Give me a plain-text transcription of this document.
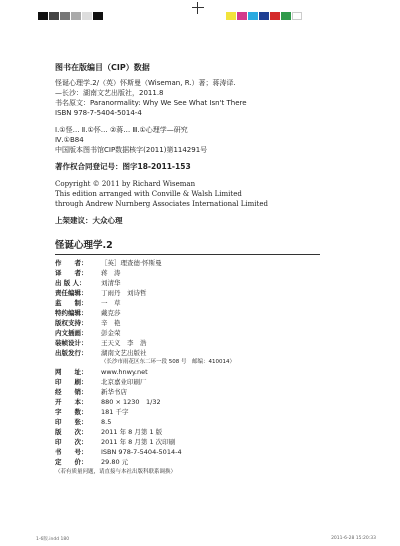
图书在版编目（CIP）数据
怪诞心理学.2/（英）怀斯曼（Wiseman, R.）著；蒋涛译.
—长沙：湖南文艺出版社，2011.8
书名原文：Paranormality: Why We See What Isn't There
ISBN 978-7-5404-5014-4
Ⅰ.①怪… Ⅱ.①怀… ②蒋… Ⅲ.①心理学—研究
Ⅳ.①B84
中国版本图书馆CIP数据核字(2011)第114291号
著作权合同登记号：图字18-2011-153
Copyright © 2011 by Richard Wiseman
This edition arranged with Conville & Walsh Limited
through Andrew Nurnberg Associates International Limited
上架建议：大众心理
怪诞心理学.2
作　　者：	［英］理查德·怀斯曼
译　　者：	蒋　涛
出 版 人：	刘清华
责任编辑：	丁雨丹　刘诗哲
监　　制：	一　草
特约编辑：	戴克莎
版权支持：	辛　艳
内文插画：	彭金荣
装帧设计：	王天义　李　浩
出版发行：	湖南文艺出版社
（长沙市雨花区东二环一段 508 号　邮编：410014）
网　　址：	www.hnwy.net
印　　刷：	北京嘉业印刷厂
经　　销：	新华书店
开　　本：	880 × 1230　1/32
字　　数：	181 千字
印　　张：	8.5
版　　次：	2011 年 8 月第 1 版
印　　次：	2011 年 8 月第 1 次印刷
书　　号：	ISBN 978-7-5404-5014-4
定　　价：	29.80 元
（若有质量问题，请直接与本社出版科联系调换）
1-6版.indd 180	2011-6-28 15:20:33
